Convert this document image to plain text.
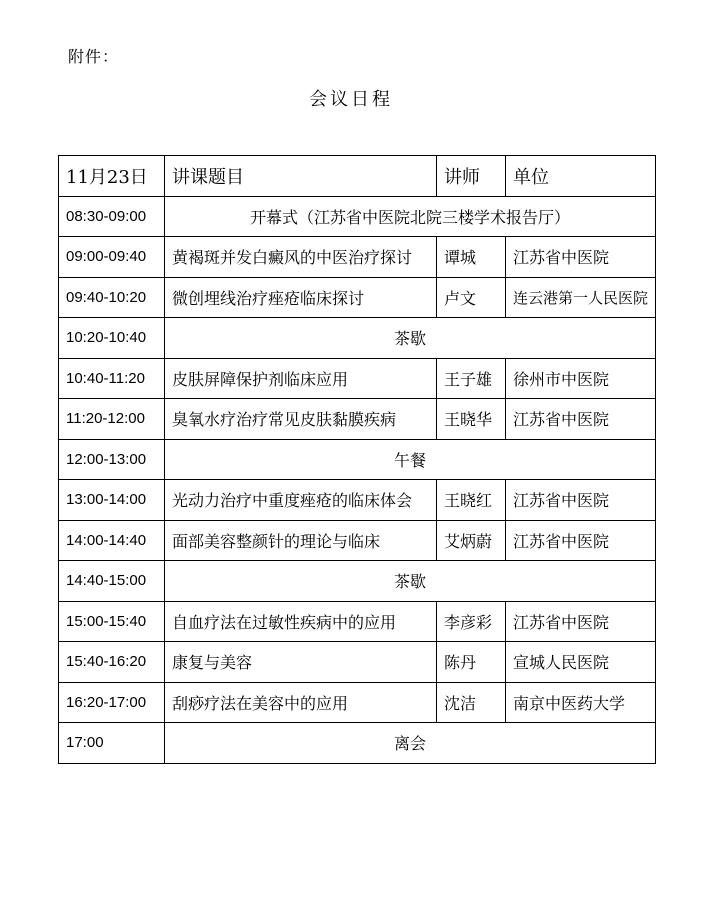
附件：
会议日程
11月23日	讲课题目	讲师	单位
08:30-09:00	开幕式（江苏省中医院北院三楼学术报告厅）		
09:00-09:40	黄褐斑并发白癜风的中医治疗探讨	谭城	江苏省中医院
09:40-10:20	微创埋线治疗痤疮临床探讨	卢文	连云港第一人民医院
10:20-10:40	茶歇		
10:40-11:20	皮肤屏障保护剂临床应用	王子雄	徐州市中医院
11:20-12:00	臭氧水疗治疗常见皮肤黏膜疾病	王晓华	江苏省中医院
12:00-13:00	午餐		
13:00-14:00	光动力治疗中重度痤疮的临床体会	王晓红	江苏省中医院
14:00-14:40	面部美容整颜针的理论与临床	艾炳蔚	江苏省中医院
14:40-15:00	茶歇		
15:00-15:40	自血疗法在过敏性疾病中的应用	李彦彩	江苏省中医院
15:40-16:20	康复与美容	陈丹	宣城人民医院
16:20-17:00	刮痧疗法在美容中的应用	沈洁	南京中医药大学
17:00	离会		
